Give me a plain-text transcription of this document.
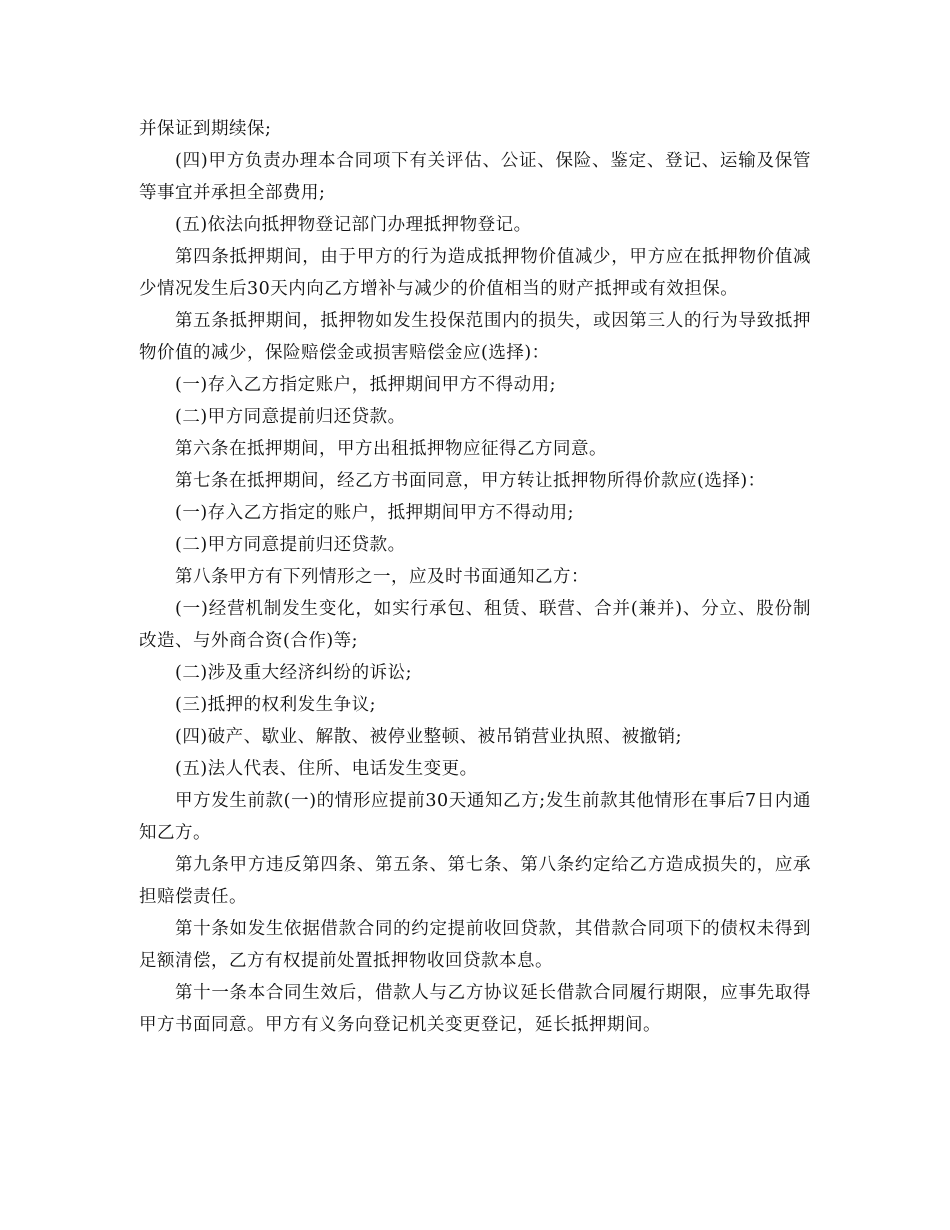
并保证到期续保;

(四)甲方负责办理本合同项下有关评估、公证、保险、鉴定、登记、运输及保管等事宜并承担全部费用;

(五)依法向抵押物登记部门办理抵押物登记。

第四条抵押期间，由于甲方的行为造成抵押物价值减少，甲方应在抵押物价值减少情况发生后30天内向乙方增补与减少的价值相当的财产抵押或有效担保。

第五条抵押期间，抵押物如发生投保范围内的损失，或因第三人的行为导致抵押物价值的减少，保险赔偿金或损害赔偿金应(选择)：

(一)存入乙方指定账户，抵押期间甲方不得动用;

(二)甲方同意提前归还贷款。

第六条在抵押期间，甲方出租抵押物应征得乙方同意。

第七条在抵押期间，经乙方书面同意，甲方转让抵押物所得价款应(选择)：

(一)存入乙方指定的账户，抵押期间甲方不得动用;

(二)甲方同意提前归还贷款。

第八条甲方有下列情形之一，应及时书面通知乙方：

(一)经营机制发生变化，如实行承包、租赁、联营、合并(兼并)、分立、股份制改造、与外商合资(合作)等;

(二)涉及重大经济纠纷的诉讼;

(三)抵押的权利发生争议;

(四)破产、歇业、解散、被停业整顿、被吊销营业执照、被撤销;

(五)法人代表、住所、电话发生变更。

甲方发生前款(一)的情形应提前30天通知乙方;发生前款其他情形在事后7日内通知乙方。

第九条甲方违反第四条、第五条、第七条、第八条约定给乙方造成损失的，应承担赔偿责任。

第十条如发生依据借款合同的约定提前收回贷款，其借款合同项下的债权未得到足额清偿，乙方有权提前处置抵押物收回贷款本息。

第十一条本合同生效后，借款人与乙方协议延长借款合同履行期限，应事先取得甲方书面同意。甲方有义务向登记机关变更登记，延长抵押期间。
